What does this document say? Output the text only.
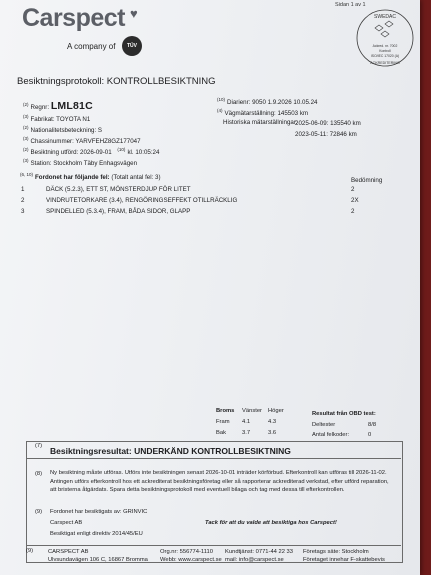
Carspect ♥
A company of	TÜV
Sidan 1 av 1
SWEDAC
Ackred. nr. 7002
Kontroll
ISO/IEC 17020 (A)
ACKREDITERING
Besiktningsprotokoll: KONTROLLBESIKTNING
$^{(2)}$ Regnr: LML81C
$^{(3)}$ Fabrikat: TOYOTA N1
$^{(2)}$ Nationalitetsbeteckning: S
$^{(3)}$ Chassinummer: YARVFEHZ8GZ177047
$^{(2)}$ Besiktning utförd: 2026-09-01 $^{(10)}$ kl. 10:05:24
$^{(3)}$ Station: Stockholm Täby Enhagsvägen
$^{(10)}$ Diarienr: 9050 1.9.2026 10.05.24
$^{(4)}$ Vägmätarställning: 145503 km
Historiska mätarställningar:
2025-06-09: 135540 km
2023-05-11: 72846 km
$^{(6, 10)}$ Fordonet har följande fel: (Totalt antal fel: 3)	Bedömning
1	DÄCK (5.2.3), ETT ST, MÖNSTERDJUP FÖR LITET	2
2	VINDRUTETORKARE (3.4), RENGÖRINGSEFFEKT OTILLRÄCKLIG	2X
3	SPINDELLED (5.3.4), FRAM, BÅDA SIDOR, GLAPP	2
Broms Vänster Höger
Fram 4.1	4.3
Bak	3.7	3.6
Resultat från OBD test:
Deltester	8/8
Antal felkoder:	0
(7) Besiktningsresultat: UNDERKÄND KONTROLLBESIKTNING
(8) Ny besiktning måste utföras. Utförs inte besiktningen senast 2026-10-01 inträder körförbud. Efterkontroll kan utföras till 2026-11-02. Antingen utförs efterkontroll hos ett ackrediterat besiktningsföretag eller så rapporterar ackrediterad verkstad, efter utförd reparation, att bristerna åtgärdats. Spara detta besiktningsprotokoll med eventuell bilaga och tag med dessa till efterkontrollen.
(9) Fordonet har besiktigats av: GRINVIC
Carspect AB
Besiktigat enligt direktiv 2014/45/EU
Tack för att du valde att besiktiga hos Carspect!
(9)	CARSPECT AB
Ulvsundavägen 106 C, 16867 Bromma
Org.nr: 556774-1110
Webb: www.carspect.se
Kundtjänst: 0771-44 22 33
mail: info@carspect.se
Företags säte: Stockholm
Företaget innehar F-skattebevis
